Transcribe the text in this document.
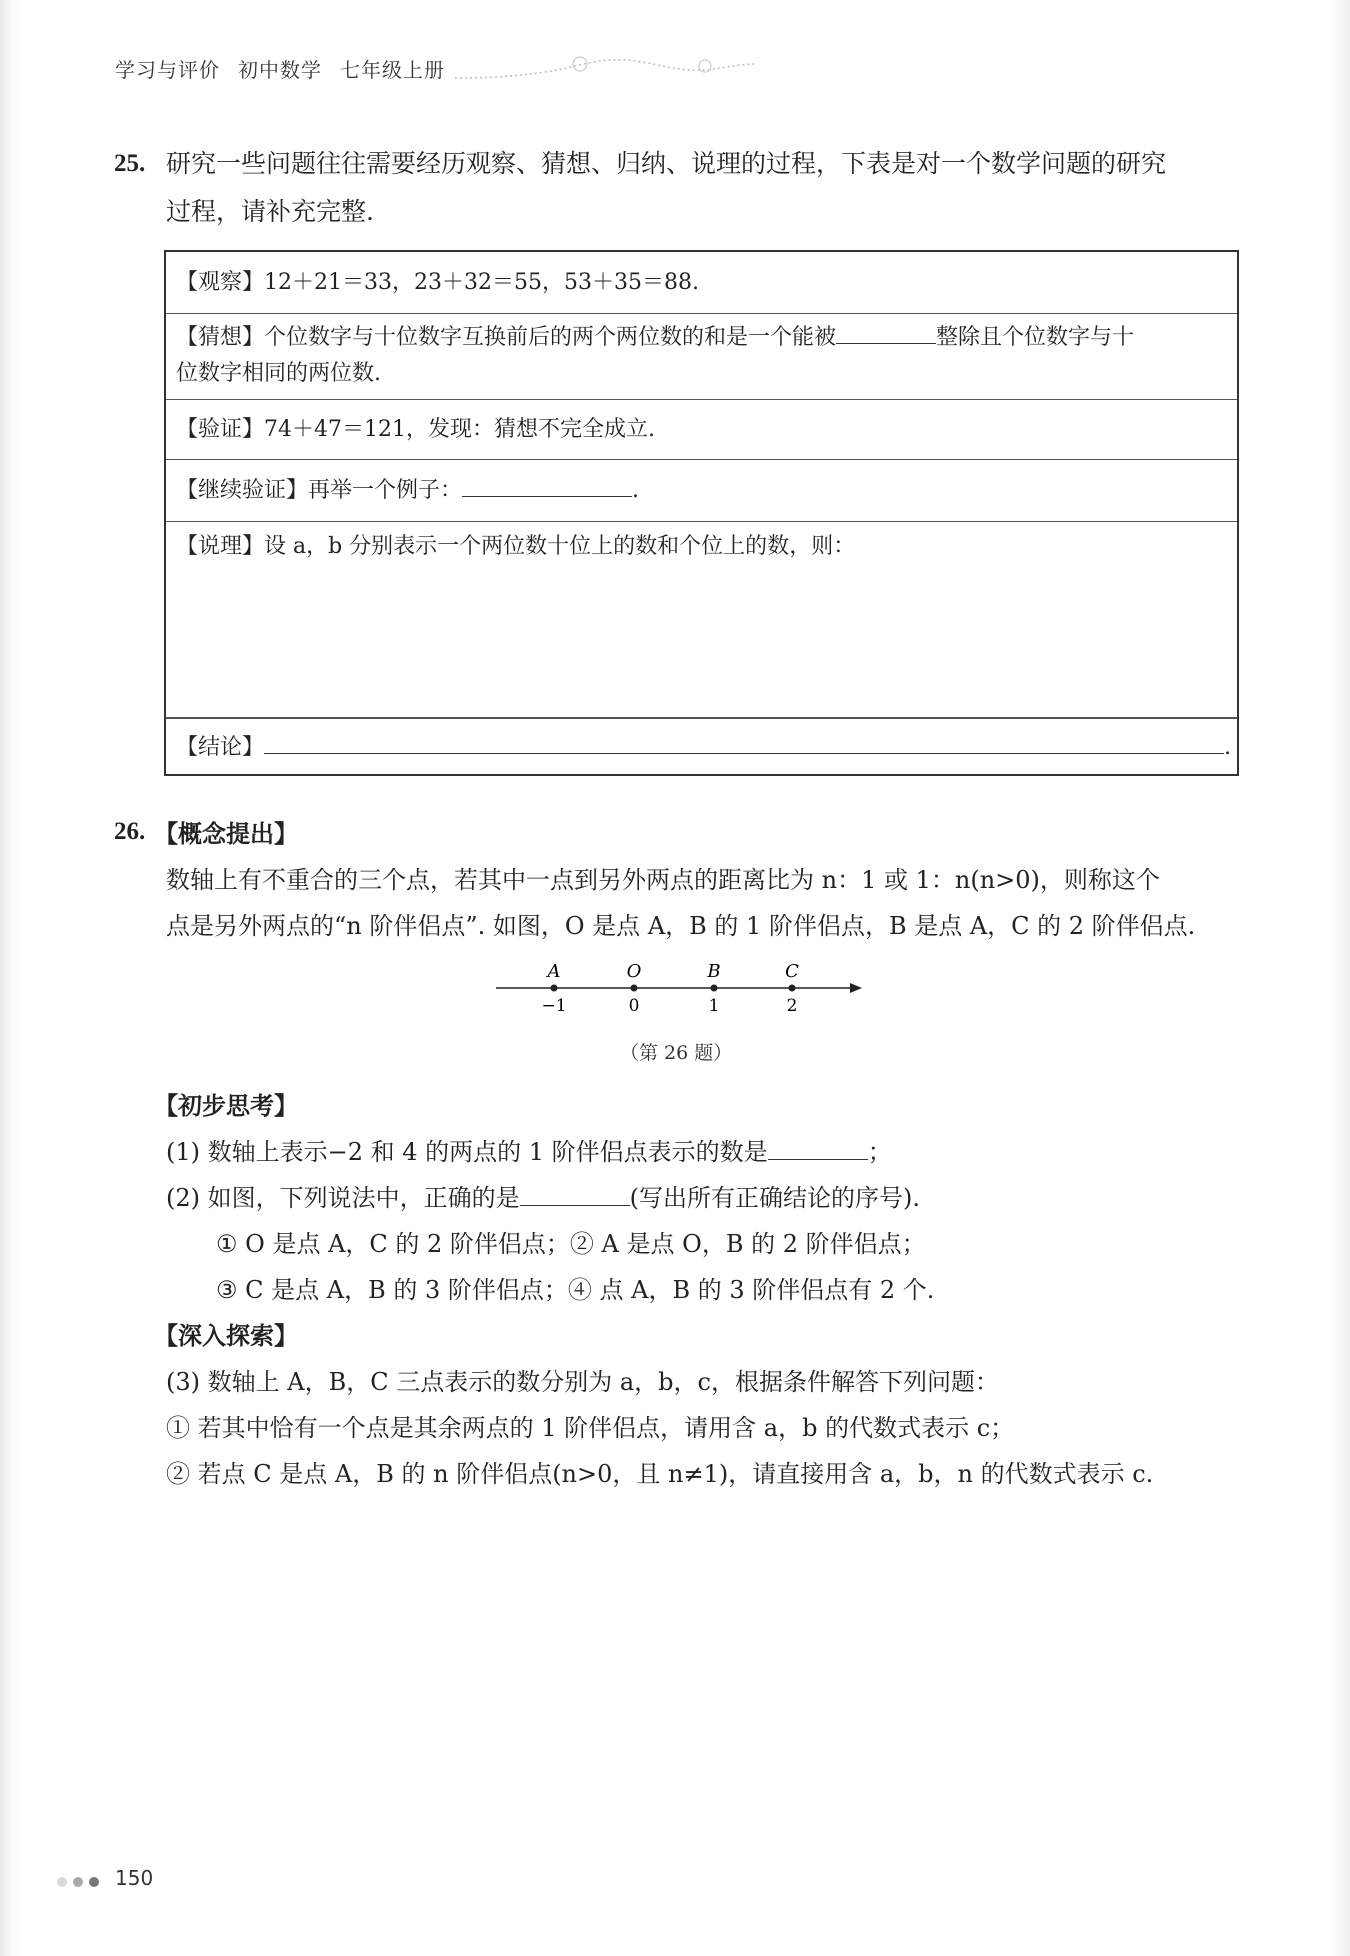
学习与评价 初中数学 七年级上册
25. 研究一些问题往往需要经历观察、猜想、归纳、说理的过程，下表是对一个数学问题的研究
过程，请补充完整.
【观察】12＋21＝33，23＋32＝55，53＋35＝88.
【猜想】个位数字与十位数字互换前后的两个两位数的和是一个能被	整除且个位数字与十
位数字相同的两位数.
【验证】74＋47＝121，发现：猜想不完全成立.
【继续验证】再举一个例子：	.
【说理】设 a，b 分别表示一个两位数十位上的数和个位上的数，则：
【结论】	.
26. 【概念提出】
数轴上有不重合的三个点，若其中一点到另外两点的距离比为 n：1 或 1：n(n>0)，则称这个
点是另外两点的“n 阶伴侣点”. 如图，O 是点 A，B 的 1 阶伴侣点，B 是点 A，C 的 2 阶伴侣点.
A	O	B	C
−1	0	1	2
（第 26 题）
【初步思考】
(1) 数轴上表示−2 和 4 的两点的 1 阶伴侣点表示的数是	；
(2) 如图，下列说法中，正确的是	(写出所有正确结论的序号).
① O 是点 A，C 的 2 阶伴侣点；② A 是点 O，B 的 2 阶伴侣点；
③ C 是点 A，B 的 3 阶伴侣点；④ 点 A，B 的 3 阶伴侣点有 2 个.
【深入探索】
(3) 数轴上 A，B，C 三点表示的数分别为 a，b，c，根据条件解答下列问题：
① 若其中恰有一个点是其余两点的 1 阶伴侣点，请用含 a，b 的代数式表示 c；
② 若点 C 是点 A，B 的 n 阶伴侣点(n>0，且 n≠1)，请直接用含 a，b，n 的代数式表示 c.
150
